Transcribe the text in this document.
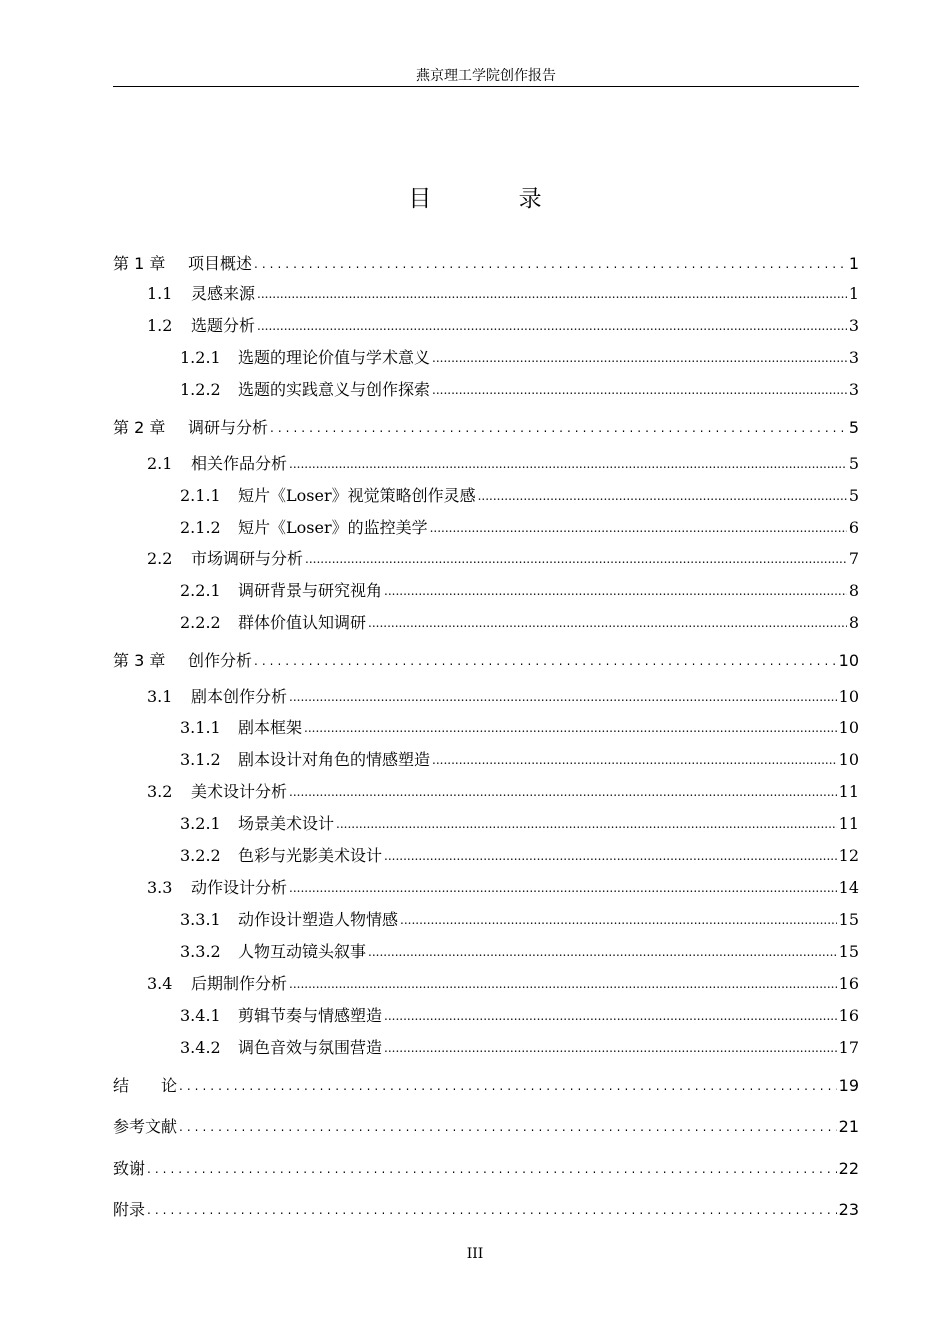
燕京理工学院创作报告
目 录
第 1 章	项目概述 .....	1
1.1	灵感来源 .....	1
1.2	选题分析 .....	3
1.2.1	选题的理论价值与学术意义 .....	3
1.2.2	选题的实践意义与创作探索 .....	3
第 2 章	调研与分析 .....	5
2.1	相关作品分析 .....	5
2.1.1	短片《Loser》视觉策略创作灵感 .....	5
2.1.2	短片《Loser》的监控美学 .....	6
2.2	市场调研与分析 .....	7
2.2.1	调研背景与研究视角 .....	8
2.2.2	群体价值认知调研 .....	8
第 3 章	创作分析 .....	10
3.1	剧本创作分析 .....	10
3.1.1	剧本框架 .....	10
3.1.2	剧本设计对角色的情感塑造 .....	10
3.2	美术设计分析 .....	11
3.2.1	场景美术设计 .....	11
3.2.2	色彩与光影美术设计 .....	12
3.3	动作设计分析 .....	14
3.3.1	动作设计塑造人物情感 .....	15
3.3.2	人物互动镜头叙事 .....	15
3.4	后期制作分析 .....	16
3.4.1	剪辑节奏与情感塑造 .....	16
3.4.2	调色音效与氛围营造 .....	17
结　　论 .....	19
参考文献 .....	21
致谢 .....	22
附录 .....	23
III
